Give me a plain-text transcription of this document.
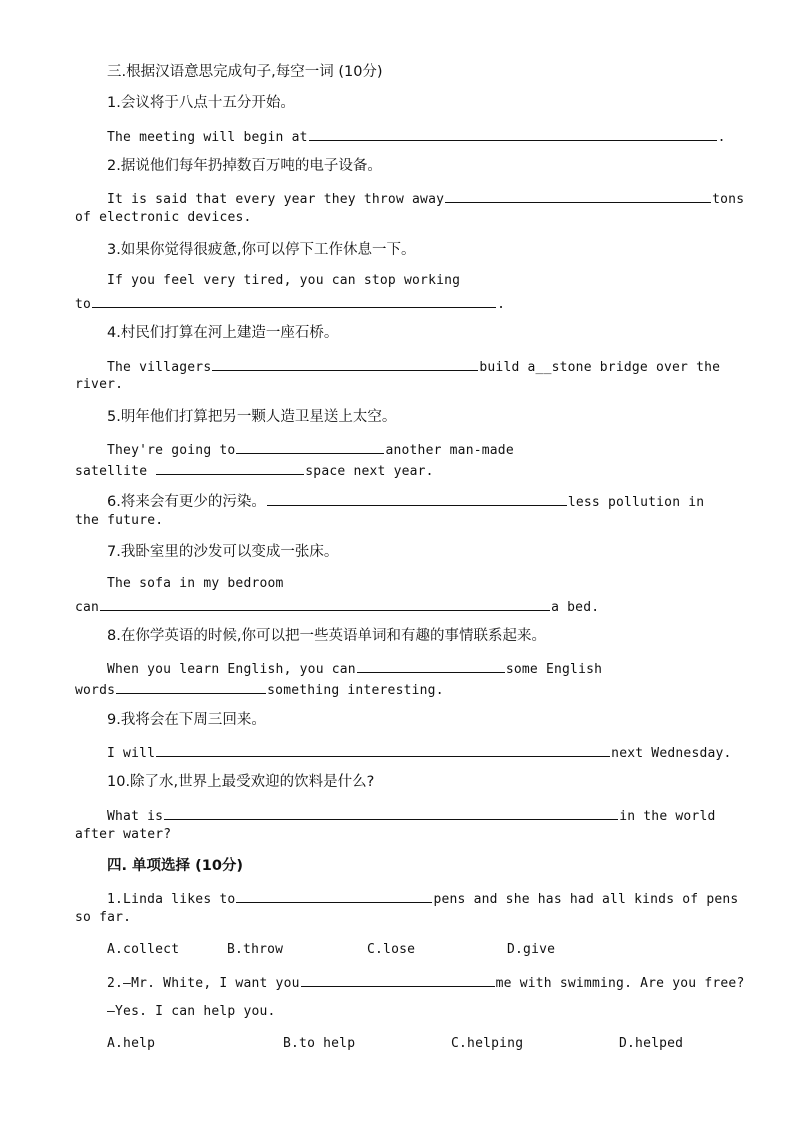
三.根据汉语意思完成句子,每空一词 (10分)
1.会议将于八点十五分开始。
The meeting will begin at	.
2.据说他们每年扔掉数百万吨的电子设备。
It is said that every year they throw away	tons
of electronic devices.
3.如果你觉得很疲惫,你可以停下工作休息一下。
If you feel very tired, you can stop working
to	.
4.村民们打算在河上建造一座石桥。
The villagers	build a__stone bridge over the
river.
5.明年他们打算把另一颗人造卫星送上太空。
They're going to	another man-made
satellite	space next year.
6.将来会有更少的污染。	less pollution in
the future.
7.我卧室里的沙发可以变成一张床。
The sofa in my bedroom
can	a bed.
8.在你学英语的时候,你可以把一些英语单词和有趣的事情联系起来。
When you learn English, you can	some English
words	something interesting.
9.我将会在下周三回来。
I will	next Wednesday.
10.除了水,世界上最受欢迎的饮料是什么?
What is	in the world
after water?
四. 单项选择 (10分)
1.Linda likes to	pens and she has had all kinds of pens
so far.
A.collect	B.throw	C.lose	D.give
2.—Mr. White, I want you	me with swimming. Are you free?
—Yes. I can help you.
A.help	B.to help	C.helping	D.helped
